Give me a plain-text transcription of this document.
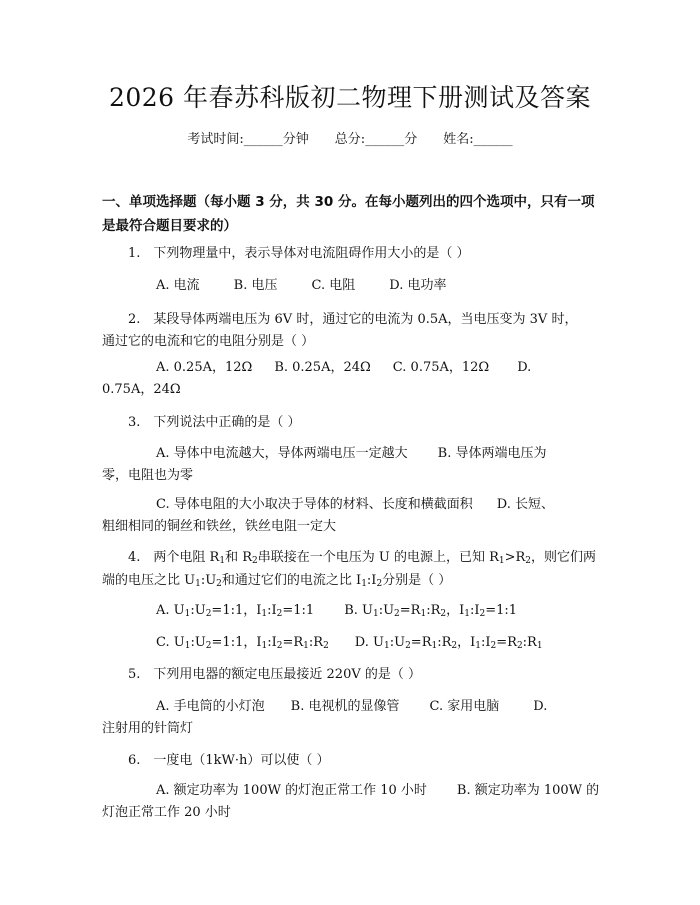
2026 年春苏科版初二物理下册测试及答案
考试时间:______分钟 总分:______分 姓名:______
一、单项选择题（每小题 3 分，共 30 分。在每小题列出的四个选项中，只有一项
是最符合题目要求的）
1. 下列物理量中，表示导体对电流阻碍作用大小的是（ ）
A. 电流	B. 电压	C. 电阻	D. 电功率
2. 某段导体两端电压为 6V 时，通过它的电流为 0.5A，当电压变为 3V 时，
通过它的电流和它的电阻分别是（ ）
A. 0.25A，12Ω B. 0.25A，24Ω C. 0.75A，12Ω D.
0.75A，24Ω
3. 下列说法中正确的是（ ）
A. 导体中电流越大，导体两端电压一定越大 B. 导体两端电压为
零，电阻也为零
C. 导体电阻的大小取决于导体的材料、长度和横截面积 D. 长短、
粗细相同的铜丝和铁丝，铁丝电阻一定大
4. 两个电阻 $R_1$和 $R_2$串联接在一个电压为 U 的电源上，已知 $R_1>R_2$，则它们两
端的电压之比 $U_1:U_2$和通过它们的电流之比 $I_1:I_2$分别是（ ）
A. $U_1:U_2=1:1$，$I_1:I_2=1:1$ B. $U_1:U_2=R_1:R_2$，$I_1:I_2=1:1$
C. $U_1:U_2=1:1$，$I_1:I_2=R_1:R_2$ D. $U_1:U_2=R_1:R_2$，$I_1:I_2=R_2:R_1$
5. 下列用电器的额定电压最接近 220V 的是（ ）
A. 手电筒的小灯泡 B. 电视机的显像管 C. 家用电脑	D.
注射用的针筒灯
6. 一度电（1kW·h）可以使（ ）
A. 额定功率为 100W 的灯泡正常工作 10 小时 B. 额定功率为 100W 的
灯泡正常工作 20 小时
